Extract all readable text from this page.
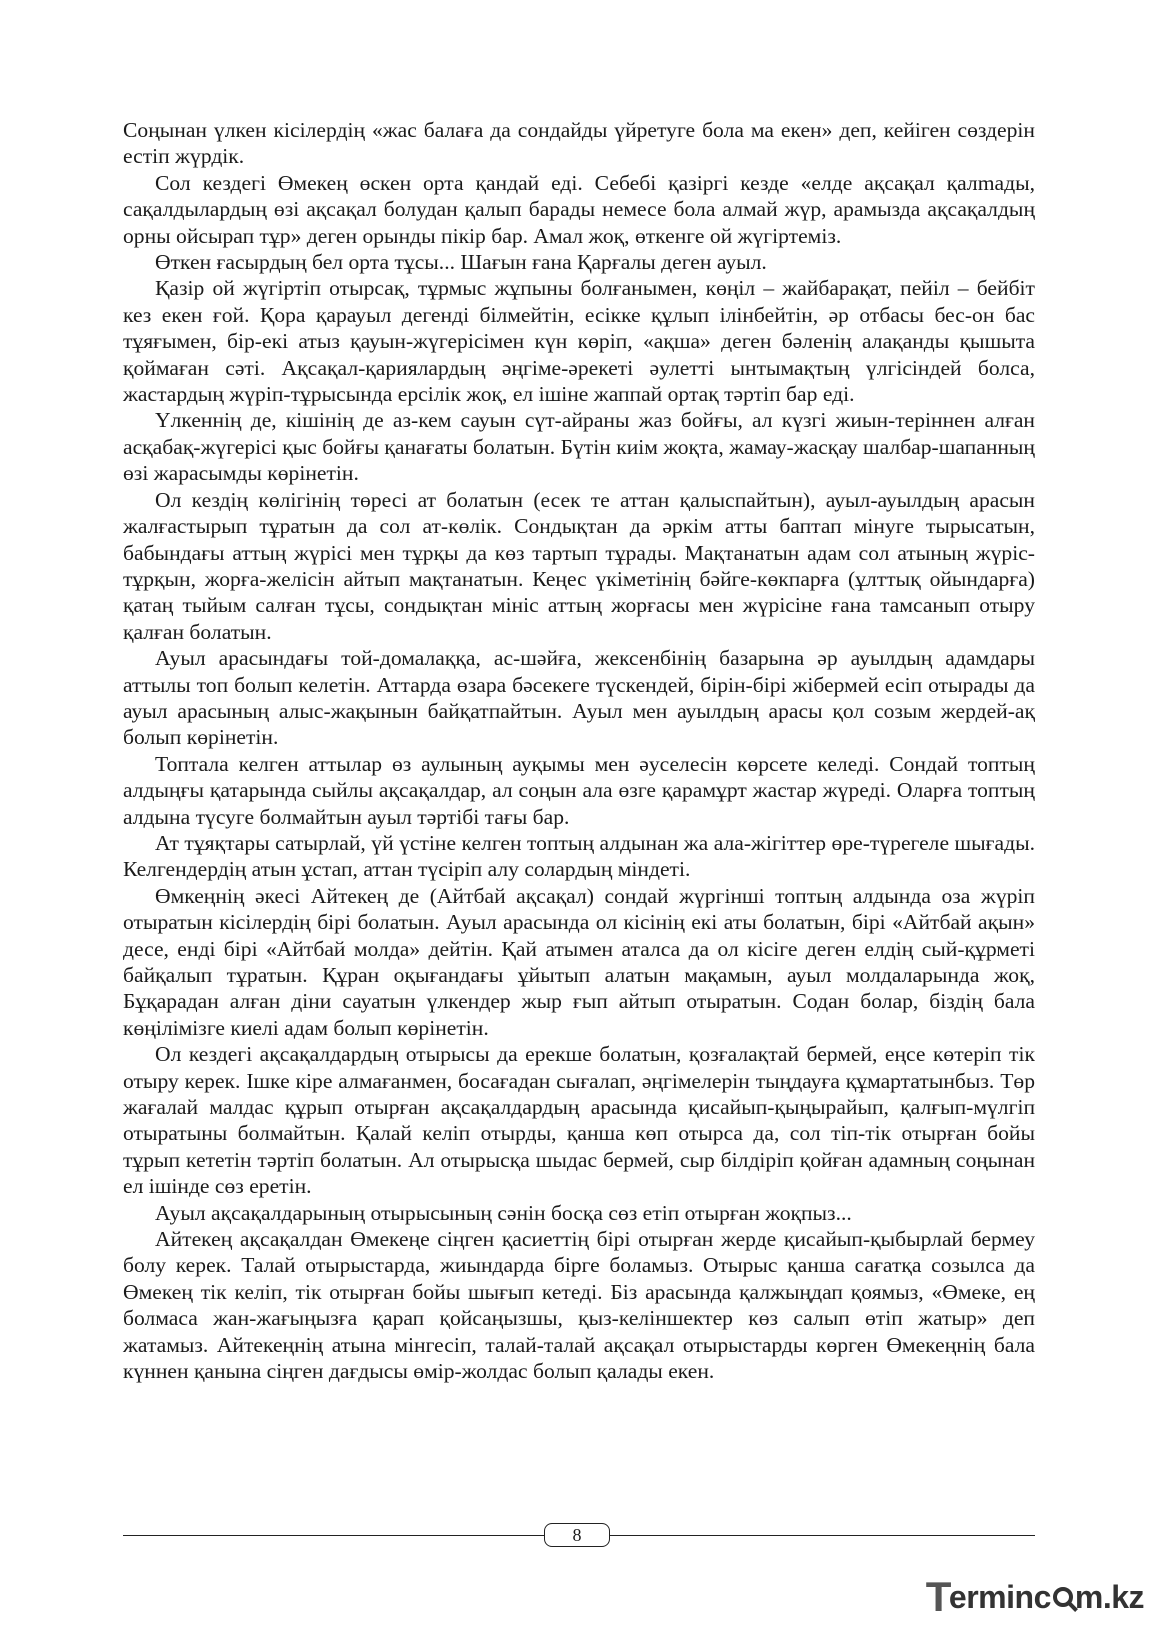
Соңынан үлкен кісілердің «жас балаға да сондайды үйретуге бола ма екен» деп, кейіген сөздерін естіп жүрдік.

Сол кездегі Өмекең өскен орта қандай еді. Себебі қазіргі кезде «елде ақсақал қалmады, сақалдылардың өзі ақсақал болудан қалып барады немесе бола алмай жүр, арамызда ақсақалдың орны ойсырап тұр» деген орынды пікір бар. Амал жоқ, өткенге ой жүгіртеміз.

Өткен ғасырдың бел орта тұсы... Шағын ғана Қарғалы деген ауыл.

Қазір ой жүгіртіп отырсақ, тұрмыс жұпыны болғанымен, көңіл – жайбарақат, пейіл – бейбіт кез екен ғой. Қора қарауыл дегенді білмейтін, есікке құлып ілінбейтін, әр отбасы бес-он бас тұяғымен, бір-екі атыз қауын-жүгерісімен күн көріп, «ақша» деген бәленің алақанды қышыта қоймаған сәті. Ақсақал-қариялардың әңгіме-әрекеті әулетті ынтымақтың үлгісіндей болса, жастардың жүріп-тұрысында ерсілік жоқ, ел ішіне жаппай ортақ тәртіп бар еді.

Үлкеннің де, кішінің де аз-кем сауын сүт-айраны жаз бойғы, ал күзгі жиын-теріннен алған асқабақ-жүгерісі қыс бойғы қанағаты болатын. Бүтін киім жоқта, жамау-жасқау шалбар-шапанның өзі жарасымды көрінетін.

Ол кездің көлігінің төресі ат болатын (есек те аттан қалыспайтын), ауыл-ауылдың арасын жалғастырып тұратын да сол ат-көлік. Сондықтан да әркім атты баптап мінуге тырысатын, бабындағы аттың жүрісі мен тұрқы да көз тартып тұрады. Мақтанатын адам сол атының жүріс-тұрқын, жорға-желісін айтып мақтанатын. Кеңес үкіметінің бәйге-көкпарға (ұлттық ойындарға) қатаң тыйым салған тұсы, сондықтан мініс аттың жорғасы мен жүрісіне ғана тамсанып отыру қалған болатын.

Ауыл арасындағы той-домалаққа, ас-шәйға, жексенбінің базарына әр ауылдың адамдары аттылы топ болып келетін. Аттарда өзара бәсекеге түскендей, бірін-бірі жібермей есіп отырады да ауыл арасының алыс-жақынын байқатпайтын. Ауыл мен ауылдың арасы қол созым жердей-ақ болып көрінетін.

Топтала келген аттылар өз аулының ауқымы мен әуселесін көрсете келеді. Сондай топтың алдыңғы қатарында сыйлы ақсақалдар, ал соңын ала өзге қарамұрт жастар жүреді. Оларға топтың алдына түсуге болмайтын ауыл тәртібі тағы бар.

Ат тұяқтары сатырлай, үй үстіне келген топтың алдынан жа ала-жігіттер өре-түрегеле шығады. Келгендердің атын ұстап, аттан түсіріп алу солардың міндеті.

Өмкеңнің әкесі Айтекең де (Айтбай ақсақал) сондай жүргінші топтың алдында оза жүріп отыратын кісілердің бірі болатын. Ауыл арасында ол кісінің екі аты болатын, бірі «Айтбай ақын» десе, енді бірі «Айтбай молда» дейтін. Қай атымен аталса да ол кісіге деген елдің сый-құрметі байқалып тұратын. Құран оқығандағы ұйытып алатын мақамын, ауыл молдаларында жоқ, Бұқарадан алған діни сауатын үлкендер жыр ғып айтып отыратын. Содан болар, біздің бала көңілімізге киелі адам болып көрінетін.

Ол кездегі ақсақалдардың отырысы да ерекше болатын, қозғалақтай бермей, еңсе көтеріп тік отыру керек. Ішке кіре алмағанмен, босағадан сығалап, әңгімелерін тыңдауға құмартатынбыз. Төр жағалай малдас құрып отырған ақсақалдардың арасында қисайып-қыңырайып, қалғып-мүлгіп отыратыны болмайтын. Қалай келіп отырды, қанша көп отырса да, сол тіп-тік отырған бойы тұрып кететін тәртіп болатын. Ал отырысқа шыдас бермей, сыр білдіріп қойған адамның соңынан ел ішінде сөз еретін.

Ауыл ақсақалдарының отырысының сәнін босқа сөз етіп отырған жоқпыз...

Айтекең ақсақалдан Өмекеңе сіңген қасиеттің бірі отырған жерде қисайып-қыбырлай бермеу болу керек. Талай отырыстарда, жиындарда бірге боламыз. Отырыс қанша сағатқа созылса да Өмекең тік келіп, тік отырған бойы шығып кетеді. Біз арасында қалжыңдап қоямыз, «Өмеке, ең болмаса жан-жағыңызға қарап қойсаңызшы, қыз-келіншектер көз салып өтіп жатыр» деп жатамыз. Айтекеңнің атына мінгесіп, талай-талай ақсақал отырыстарды көрген Өмекеңнің бала күннен қанына сіңген дағдысы өмір-жолдас болып қалады екен.

8
T
ermin c m.kz
